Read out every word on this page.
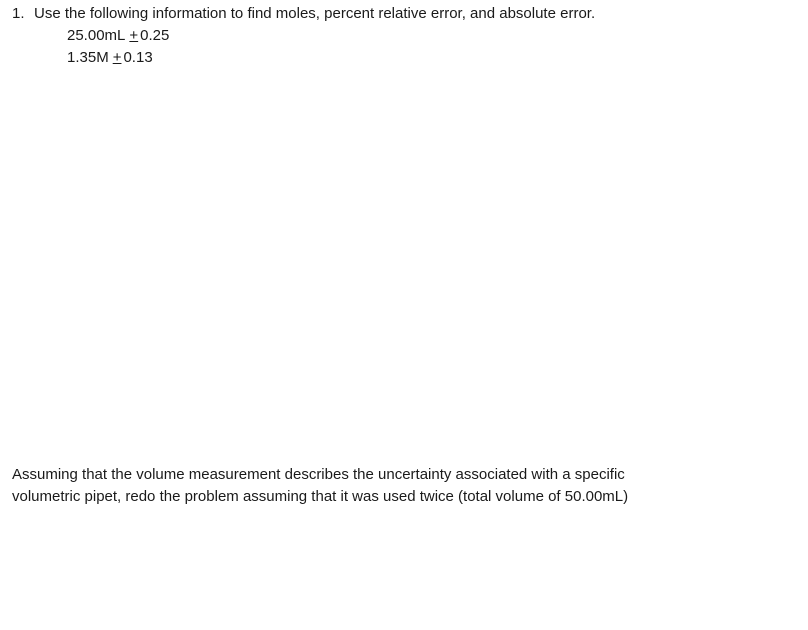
1. Use the following information to find moles, percent relative error, and absolute error.
25.00mL + 0.25
1.35M + 0.13
Assuming that the volume measurement describes the uncertainty associated with a specific
volumetric pipet, redo the problem assuming that it was used twice (total volume of 50.00mL)
